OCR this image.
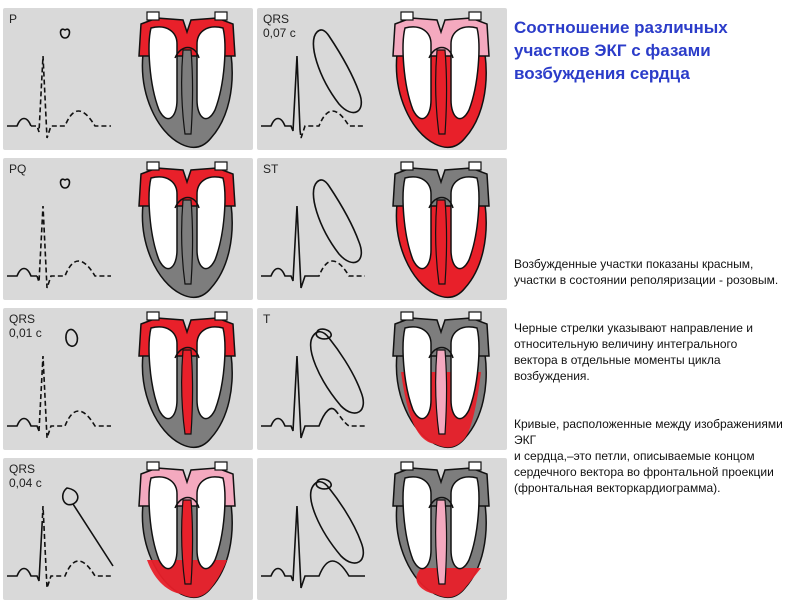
Соотношение различных участков ЭКГ с фазами возбуждения сердца
P
PQ
QRS
0,01 с
QRS
0,04 с
QRS
0,07 с
ST
T
Возбужденные участки показаны красным, участки в состоянии реполяризации - розовым.
Черные стрелки указывают направление и относительную величину интегрального вектора в отдельные моменты цикла возбуждения.
Кривые, расположенные между изображениями ЭКГ
и сердца,–это петли, описываемые концом сердечного вектора во фронтальной проекции (фронтальная векторкардиограмма).
